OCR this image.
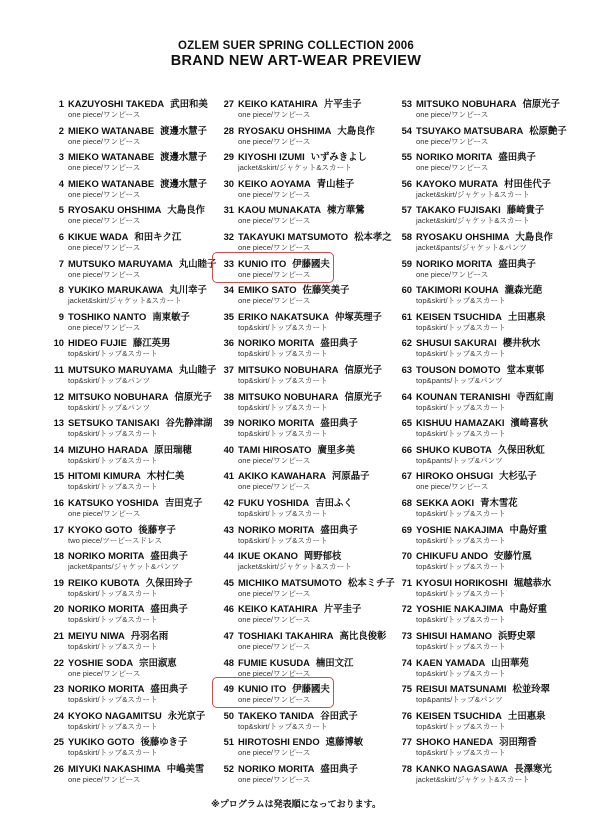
OZLEM SUER SPRING COLLECTION 2006
BRAND NEW ART-WEAR PREVIEW
1 KAZUYOSHI TAKEDA 武田和美
one piece/ワンピース
2 MIEKO WATANABE 渡邊水慧子
one piece/ワンピース
3 MIEKO WATANABE 渡邊水慧子
one piece/ワンピース
4 MIEKO WATANABE 渡邊水慧子
one piece/ワンピース
5 RYOSAKU OHSHIMA 大島良作
one piece/ワンピース
6 KIKUE WADA 和田キク江
one piece/ワンピース
7 MUTSUKO MARUYAMA 丸山睦子
one piece/ワンピース
8 YUKIKO MARUKAWA 丸川幸子
jacket&skirt/ジャケット&スカート
9 TOSHIKO NANTO 南東敏子
one piece/ワンピース
10 HIDEO FUJIE 藤江英男
top&skirt/トップ&スカート
11 MUTSUKO MARUYAMA 丸山睦子
top&skirt/トップ&パンツ
12 MITSUKO NOBUHARA 信原光子
top&skirt/トップ&パンツ
13 SETSUKO TANISAKI 谷先静津湖
top&skirt/トップ&スカート
14 MIZUHO HARADA 原田瑞穂
top&skirt/トップ&スカート
15 HITOMI KIMURA 木村仁美
top&skirt/トップ&スカート
16 KATSUKO YOSHIDA 吉田克子
one piece/ワンピース
17 KYOKO GOTO 後藤亨子
two piece/ツーピースドレス
18 NORIKO MORITA 盛田典子
jacket&pants/ジャケット&パンツ
19 REIKO KUBOTA 久保田玲子
top&skirt/トップ&スカート
20 NORIKO MORITA 盛田典子
top&skirt/トップ&スカート
21 MEIYU NIWA 丹羽名雨
top&skirt/トップ&スカート
22 YOSHIE SODA 宗田淑恵
one piece/ワンピース
23 NORIKO MORITA 盛田典子
top&skirt/トップ&スカート
24 KYOKO NAGAMITSU 永光京子
top&skirt/トップ&スカート
25 YUKIKO GOTO 後藤ゆき子
top&skirt/トップ&スカート
26 MIYUKI NAKASHIMA 中嶋美雪
one piece/ワンピース
27 KEIKO KATAHIRA 片平圭子
one piece/ワンピース
28 RYOSAKU OHSHIMA 大島良作
one piece/ワンピース
29 KIYOSHI IZUMI いずみきよし
jacket&skirt/ジャケット&スカート
30 KEIKO AOYAMA 青山桂子
one piece/ワンピース
31 KAOU MUNAKATA 棟方華鶯
one piece/ワンピース
32 TAKAYUKI MATSUMOTO 松本孝之
one piece/ワンピース
33 KUNIO ITO 伊藤國夫
one piece/ワンピース
34 EMIKO SATO 佐藤笑美子
one piece/ワンピース
35 ERIKO NAKATSUKA 仲塚英理子
top&skirt/トップ&スカート
36 NORIKO MORITA 盛田典子
top&skirt/トップ&スカート
37 MITSUKO NOBUHARA 信原光子
top&skirt/トップ&スカート
38 MITSUKO NOBUHARA 信原光子
top&skirt/トップ&スカート
39 NORIKO MORITA 盛田典子
top&skirt/トップ&スカート
40 TAMI HIROSATO 廣里多美
one piece/ワンピース
41 AKIKO KAWAHARA 河原晶子
one piece/ワンピース
42 FUKU YOSHIDA 吉田ふく
top&skirt/トップ&スカート
43 NORIKO MORITA 盛田典子
top&skirt/トップ&スカート
44 IKUE OKANO 岡野郁枝
jacket&skirt/ジャケット&スカート
45 MICHIKO MATSUMOTO 松本ミチ子
one piece/ワンピース
46 KEIKO KATAHIRA 片平圭子
one piece/ワンピース
47 TOSHIAKI TAKAHIRA 高比良俊彰
one piece/ワンピース
48 FUMIE KUSUDA 楠田文江
one piece/ワンピース
49 KUNIO ITO 伊藤國夫
one piece/ワンピース
50 TAKEKO TANIDA 谷田武子
top&skirt/トップ&スカート
51 HIROTOSHI ENDO 遠藤博敏
one piece/ワンピース
52 NORIKO MORITA 盛田典子
one piece/ワンピース
53 MITSUKO NOBUHARA 信原光子
one piece/ワンピース
54 TSUYAKO MATSUBARA 松原艶子
one piece/ワンピース
55 NORIKO MORITA 盛田典子
one piece/ワンピース
56 KAYOKO MURATA 村田佳代子
jacket&skirt/ジャケット&スカート
57 TAKAKO FUJISAKI 藤崎貴子
jacket&skirt/ジャケット&スカート
58 RYOSAKU OHSHIMA 大島良作
jacket&pants/ジャケット&パンツ
59 NORIKO MORITA 盛田典子
one piece/ワンピース
60 TAKIMORI KOUHA 瀧森光葩
top&skirt/トップ&スカート
61 KEISEN TSUCHIDA 土田惠泉
top&skirt/トップ&スカート
62 SHUSUI SAKURAI 櫻井秋水
top&skirt/トップ&スカート
63 TOUSON DOMOTO 堂本東邨
top&pants/トップ&パンツ
64 KOUNAN TERANISHI 寺西紅南
top&skirt/トップ&スカート
65 KISHUU HAMAZAKI 濱崎喜秋
top&skirt/トップ&スカート
66 SHUKO KUBOTA 久保田秋虹
top&pants/トップ&パンツ
67 HIROKO OHSUGI 大杉弘子
one piece/ワンピース
68 SEKKA AOKI 青木雪花
top&skirt/トップ&スカート
69 YOSHIE NAKAJIMA 中島好重
top&skirt/トップ&スカート
70 CHIKUFU ANDO 安藤竹風
top&skirt/トップ&スカート
71 KYOSUI HORIKOSHI 堀越恭水
top&skirt/トップ&スカート
72 YOSHIE NAKAJIMA 中島好重
top&skirt/トップ&スカート
73 SHISUI HAMANO 浜野史翠
top&skirt/トップ&スカート
74 KAEN YAMADA 山田華苑
top&skirt/トップ&スカート
75 REISUI MATSUNAMI 松並玲翠
top&pants/トップ&パンツ
76 KEISEN TSUCHIDA 土田惠泉
top&skirt/トップ&スカート
77 SHOKO HANEDA 羽田翔香
top&skirt/トップ&スカート
78 KANKO NAGASAWA 長澤寒光
jacket&skirt/ジャケット&スカート
※プログラムは発表順になっております。
